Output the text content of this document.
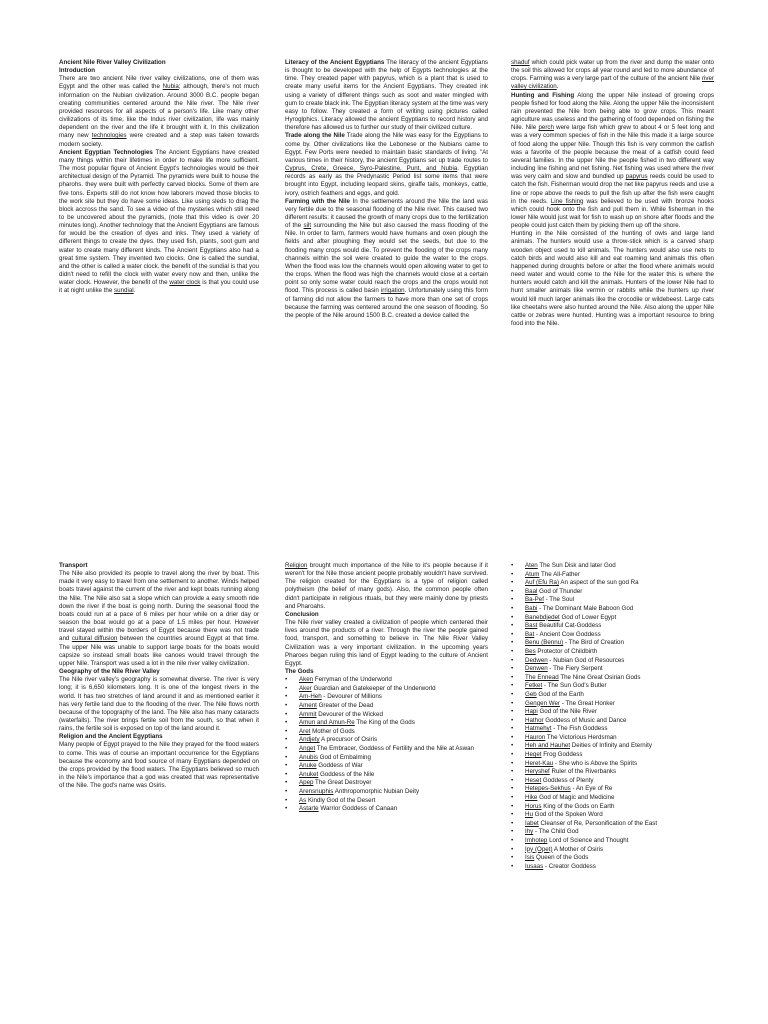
Ancient Nile River Valley Civilization

Introduction

There are two ancient Nile river valley civilizations, one of them was Egypt and the other was called the Nubia; although, there's not much information on the Nubian civilization. Around 3000 B.C. people began creating communities centered around the Nile river. The Nile river provided resources for all aspects of a person's life. Like many other civilizations of its time, like the Indus river civilization, life was mainly dependent on the river and the life it brought with it. In this civilization many new technologies were created and a step was taken towards modern society.

Ancient Egyptian Technologies The Ancient Egyptians have created many things within their lifetimes in order to make life more sufficient. The most popular figure of Ancient Egypt's technologies would be their architectual design of the Pyramid. The pyramids were built to house the pharohs. they were built with perfectly carved blocks. Some of them are five tons. Experts still do not know how laborers moved those blocks to the work site but they do have some ideas. Like using sleds to drag the block accross the sand. To see a video of the mysteries which still need to be uncovered about the pyramids, (note that this video is over 20 minutes long). Another technology that the Ancient Egyptians are famous for would be the creation of dyes and inks. They used a variety of different things to create the dyes. they used fish, plants, soot gum and water to create many different kinds. The Ancient Egyptians also had a great time system. They invented two clocks. One is called the sundial, and the other is called a water clock. the benefit of the sundial is that you didn't need to refill the clock with water every now and then, unlike the water clock. However, the benefit of the water clock is that you could use it at night unlike the sundial.

Literacy of the Ancient Egyptians The literacy of the ancient Egyptians is thought to be developed with the help of Egypts technologies at the time. They created paper with papyrus, which is a plant that is used to create many useful items for the Ancient Egyptians. They created ink using a variety of different things such as soot and water mingled with gum to create black ink. The Egyptian literacy system at the time was very easy to follow. They created a form of writing using pictures called Hyroglphics. Literacy allowed the ancient Egyptians to record history and therefore has allowed us to further our study of their civilized culture.

Trade along the Nile Trade along the Nile was easy for the Egyptians to come by. Other civilizations like the Lebonese or the Nubians came to Egypt. Few Ports were needed to maintain basic standards of living. "At various times in their history, the ancient Egyptians set up trade routes to Cyprus, Crete, Greece, Syro-Palestine, Punt, and Nubia. Egyptian records as early as the Predynastic Period list some items that were brought into Egypt, including leopard skins, giraffe tails, monkeys, cattle, ivory, ostrich feathers and eggs, and gold.

Farming with the Nile In the settlements around the Nile the land was very fertile due to the seasonal flooding of the Nile river. This caused two different results: it caused the growth of many crops due to the fertilization of the silt surrounding the Nile but also caused the mass flooding of the Nile. In order to farm, farmers would have humans and oxen plough the fields and after ploughing they would set the seeds, but due to the flooding many crops would die. To prevent the flooding of the crops many channels within the soil were created to guide the water to the crops. When the flood was low the channels would open allowing water to get to the crops. When the flood was high the channels would close at a certain point so only some water could reach the crops and the crops would not flood. This process is called basin irrigation. Unfortunately using this form of farming did not allow the farmers to have more than one set of crops because the farming was centered around the one season of flooding. So the people of the Nile around 1500 B.C. created a device called the

shaduf which could pick water up from the river and dump the water onto the soil this allowed for crops all year round and led to more abundance of crops. Farming was a very large part of the culture of the ancient Nile river valley civilization.

Hunting and Fishing Along the upper Nile instead of growing crops people fished for food along the Nile. Along the upper Nile the inconsistent rain prevented the Nile from being able to grow crops. This meant agriculture was useless and the gathering of food depended on fishing the Nile. Nile perch were large fish which grew to about 4 or 5 feet long and was a very common species of fish in the Nile this made it a large source of food along the upper Nile. Though this fish is very common the catfish was a favorite of the people because the meat of a catfish could feed several families. In the upper Nile the people fished in two different way including line fishing and net fishing. Net fishing was used where the river was very calm and slow and bundled up papyrus reeds could be used to catch the fish. Fisherman would drop the net like papyrus reeds and use a line or rope above the reeds to pull the fish up after the fish were caught in the reeds. Line fishing was believed to be used with bronze hooks which could hook onto the fish and pull them in. While fisherman in the lower Nile would just wait for fish to wash up on shore after floods and the people could just catch them by picking them up off the shore.

Hunting in the Nile consisted of the hunting of owls and large land animals. The hunters would use a throw-stick which is a carved sharp wooden object used to kill animals. The hunters would also use nets to catch birds and would also kill and eat roaming land animals this often happened during droughts before or after the flood where animals would need water and would come to the Nile for the water this is where the hunters would catch and kill the animals. Hunters of the lower Nile had to hunt smaller animals like vermin or rabbits while the hunters up river would kill much larger animals like the crocodile or wildebeest. Large cats like cheetahs were also hunted around the Nile. Also along the upper Nile cattle or zebras were hunted. Hunting was a important resource to bring food into the Nile.

Transport

The Nile also provided its people to travel along the river by boat. This made it very easy to travel from one settlement to another. Winds helped boats travel against the current of the river and kept boats running along the Nile. The Nile also sat a slope which can provide a easy smooth ride down the river if the boat is going north. During the seasonal flood the boats could run at a pace of 6 miles per hour while on a drier day or season the boat would go at a pace of 1.5 miles per hour. However travel stayed within the borders of Egypt because there was not trade and cultural diffusion between the countries around Egypt at that time. The upper Nile was unable to support large boats for the boats would capsize so instead small boats like canoes would travel through the upper Nile. Transport was used a lot in the nile river valley civilization.

Geography of the Nile River Valley

The Nile river valley's geography is somewhat diverse. The river is very long; it is 6,650 kilometers long. It is one of the longest rivers in the world. It has two stretches of land around it and as mentioned earlier it has very fertile land due to the flooding of the river. The Nile flows north because of the topography of the land. The Nile also has many cataracts (waterfalls). The river brings fertile soil from the south, so that when it rains, the fertile soil is exposed on top of the land around it.

Religion and the Ancient Egyptians

Many people of Egypt prayed to the Nile they prayed for the flood waters to come. This was of course an important occurrence for the Egyptians because the economy and food source of many Egyptians depended on the crops provided by the flood waters. The Egyptians believed so much in the Nile's importance that a god was created that was representative of the Nile. The god's name was Osiris.

Religion brought much importance of the Nile to it's people because if it weren't for the Nile those ancient people probably wouldn't have survived. The religion created for the Egyptians is a type of religion called polytheism (the belief of many gods). Also, the common people often didn't participate in religious rituals, but they were mainly done by priests and Pharoahs.

Conclusion

The Nile river valley created a civilization of people which centered their lives around the products of a river. Through the river the people gained food, transport, and something to believe in. The Nile River Valley Civilization was a very important civilization. In the upcoming years Pharoes began ruling this land of Egypt leading to the culture of Ancient Egypt.

The Gods

• Aken Ferryman of the Underworld
• Aker Guardian and Gatekeeper of the Underworld
• Am-Heh - Devourer of Millions
• Ament Greater of the Dead
• Ammit Devourer of the Wicked
• Amun and Amun-Re The King of the Gods
• Aret Mother of Gods
• Andjety A precursor of Osiris
• Anget The Embracer, Goddess of Fertility and the Nile at Aswan
• Anubis God of Embalming
• Anuke Goddess of War
• Anuket Goddess of the Nile
• Apep The Great Destroyer
• Arensnuphis Anthropomorphic Nubian Deity
• As Kindly God of the Desert
• Astarte Warrior Goddess of Canaan
• Aten The Sun Disk and later God
• Atum The All-Father
• Auf (Efu Ra) An aspect of the sun god Ra
• Baal God of Thunder
• Ba-Pef - The Soul
• Babi - The Dominant Male Baboon God
• Banebdjedet God of Lower Egypt
• Bast Beautiful Cat-Goddess
• Bat - Ancient Cow Goddess
• Benu (Bennu) - The Bird of Creation
• Bes Protector of Childbirth
• Dedwen - Nubian God of Resources
• Denwen - The Fiery Serpent
• The Ennead The Nine Great Osirian Gods
• Fetket - The Sun God's Butler
• Geb God of the Earth
• Gengen Wer - The Great Honker
• Hapi God of the Nile River
• Hathor Goddess of Music and Dance
• Hatmehyt - The Fish Goddess
• Hauron The Victorious Herdsman
• Heh and Hauhet Deities of Infinity and Eternity
• Heqet Frog Goddess
• Heret-Kau - She who is Above the Spirits
• Heryshef Ruler of the Riverbanks
• Heset Goddess of Plenty
• Hetepes-Sekhus - An Eye of Re
• Hike God of Magic and Medicine
• Horus King of the Gods on Earth
• Hu God of the Spoken Word
• Iabet Cleanser of Re, Personification of the East
• Ihy - The Child God
• Imhotep Lord of Science and Thought
• Ipy (Opet) A Mother of Osiris
• Isis Queen of the Gods
• Iusaas - Creator Goddess
